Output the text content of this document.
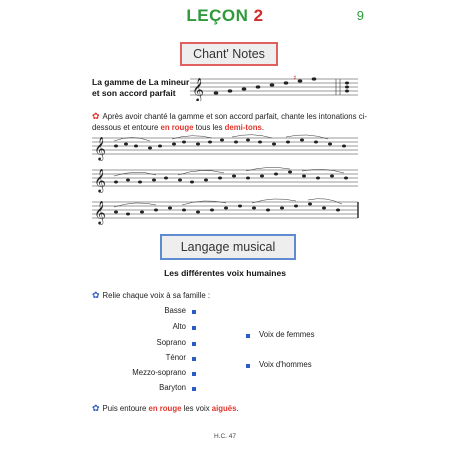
LEÇON 2	9
Chant' Notes
La gamme de La mineur
et son accord parfait 𝄞	♯
✿ Après avoir chanté la gamme et son accord parfait, chante les intonations ci-dessous et entoure en rouge tous les demi-tons.
𝄞
𝄞
𝄞
Langage musical
Les différentes voix humaines
✿ Relie chaque voix à sa famille :
Basse
Alto
Soprano
Ténor
Mezzo-soprano
Baryton
Voix de femmes
Voix d'hommes
✿ Puis entoure en rouge les voix aiguës.
H.C. 47
